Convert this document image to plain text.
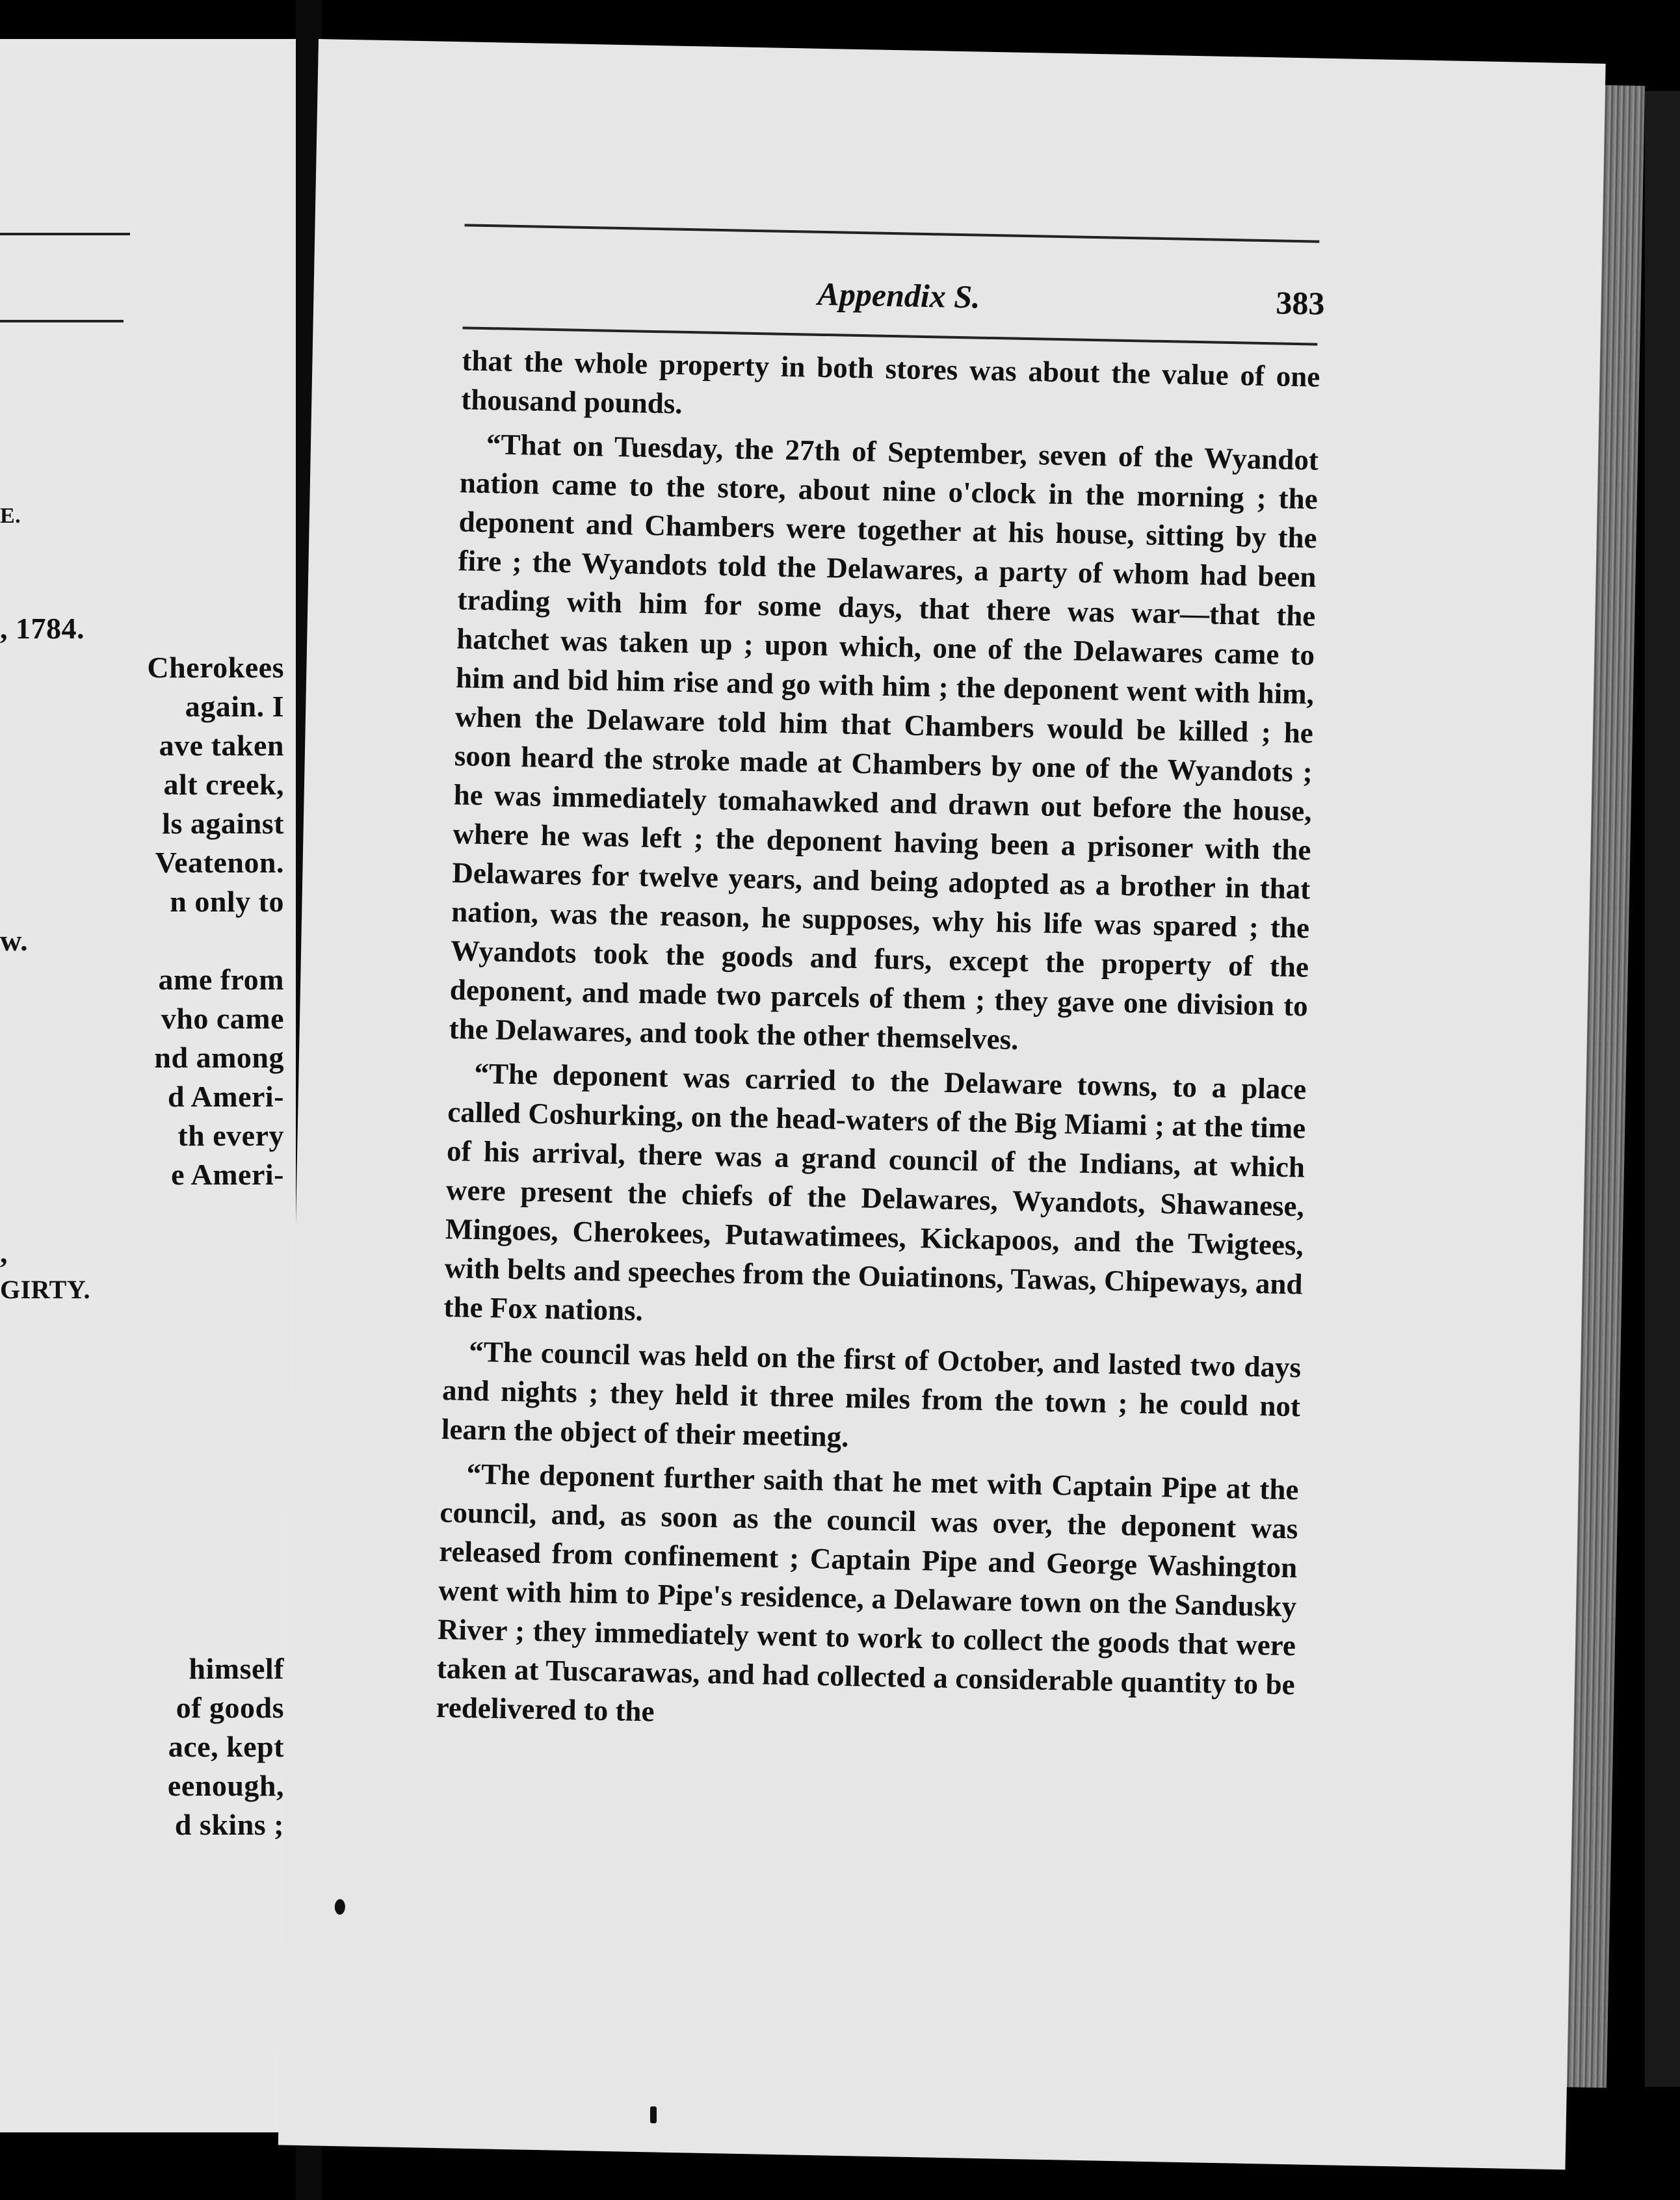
E.
, 1784.
Cherokees
again. I
ave taken
alt creek,
ls against
Veatenon.
n only to
w.
ame from
vho came
nd among
d Ameri-
th every
e Ameri-
,
GIRTY.
himself
of goods
ace, kept
eenough,
d skins ;
Appendix S.	383

that the whole property in both stores was about the value of one thousand pounds.

“That on Tuesday, the 27th of September, seven of the Wyandot nation came to the store, about nine o'clock in the morning ; the deponent and Chambers were together at his house, sitting by the fire ; the Wyandots told the Delawares, a party of whom had been trading with him for some days, that there was war—that the hatchet was taken up ; upon which, one of the Delawares came to him and bid him rise and go with him ; the deponent went with him, when the Delaware told him that Chambers would be killed ; he soon heard the stroke made at Chambers by one of the Wyandots ; he was immediately tomahawked and drawn out before the house, where he was left ; the deponent having been a prisoner with the Delawares for twelve years, and being adopted as a brother in that nation, was the reason, he supposes, why his life was spared ; the Wyandots took the goods and furs, except the property of the deponent, and made two parcels of them ; they gave one division to the Delawares, and took the other themselves.

“The deponent was carried to the Delaware towns, to a place called Coshurking, on the head-waters of the Big Miami ; at the time of his arrival, there was a grand council of the Indians, at which were present the chiefs of the Delawares, Wyandots, Shawanese, Mingoes, Cherokees, Putawatimees, Kickapoos, and the Twigtees, with belts and speeches from the Ouiatinons, Tawas, Chipeways, and the Fox nations.

“The council was held on the first of October, and lasted two days and nights ; they held it three miles from the town ; he could not learn the object of their meeting.

“The deponent further saith that he met with Captain Pipe at the council, and, as soon as the council was over, the deponent was released from confinement ; Captain Pipe and George Washington went with him to Pipe's residence, a Delaware town on the Sandusky River ; they immediately went to work to collect the goods that were taken at Tuscarawas, and had collected a considerable quantity to be redelivered to the
